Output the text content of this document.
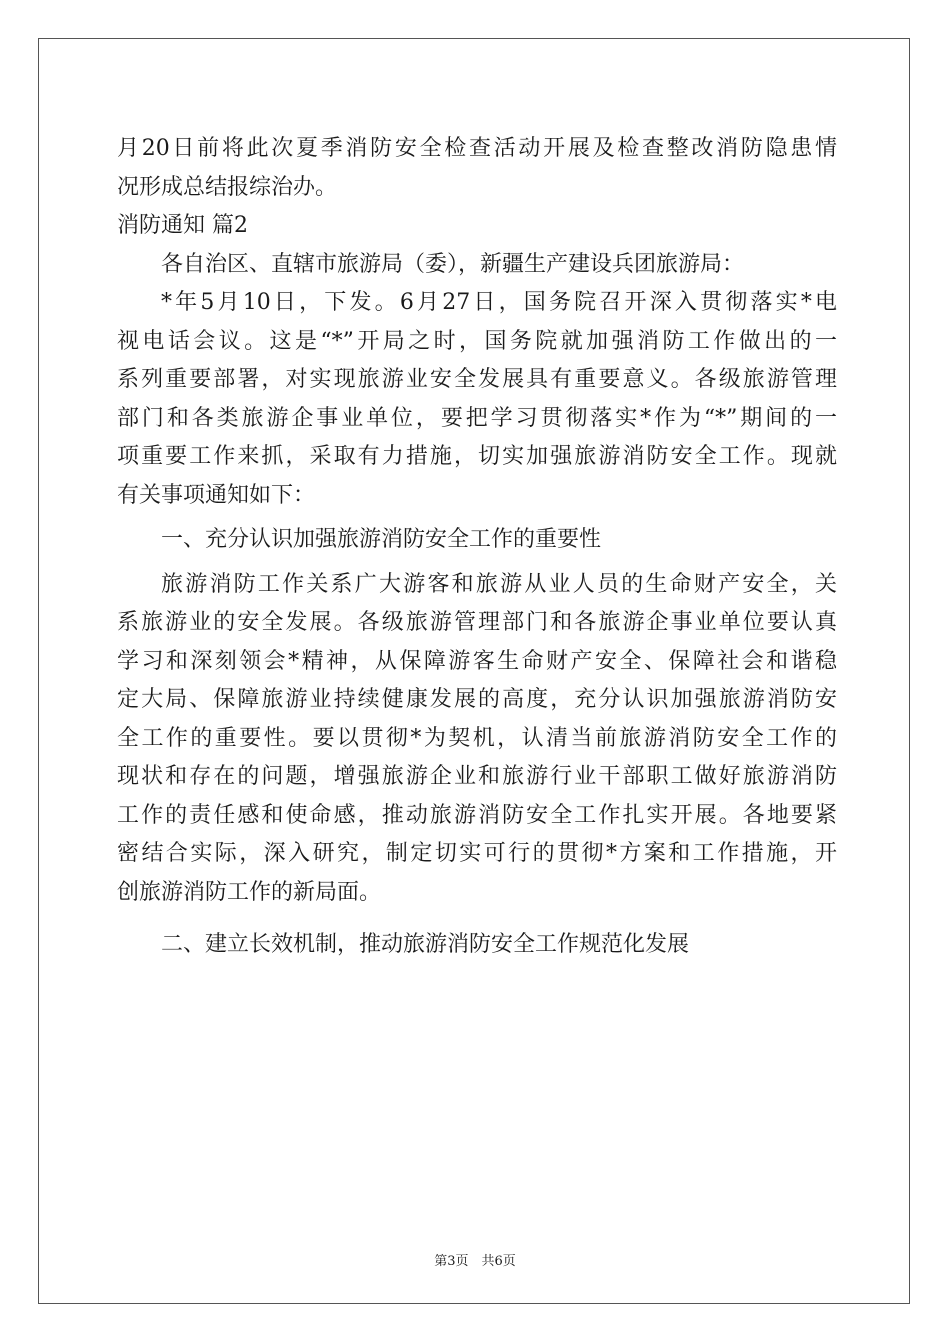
月20日前将此次夏季消防安全检查活动开展及检查整改消防隐患情
况形成总结报综治办。
消防通知 篇2
各自治区、直辖市旅游局（委），新疆生产建设兵团旅游局：
*年5月10日，下发。6月27日，国务院召开深入贯彻落实*电
视电话会议。这是“*”开局之时，国务院就加强消防工作做出的一
系列重要部署，对实现旅游业安全发展具有重要意义。各级旅游管理
部门和各类旅游企事业单位，要把学习贯彻落实*作为“*”期间的一
项重要工作来抓，采取有力措施，切实加强旅游消防安全工作。现就
有关事项通知如下：
一、充分认识加强旅游消防安全工作的重要性
旅游消防工作关系广大游客和旅游从业人员的生命财产安全，关
系旅游业的安全发展。各级旅游管理部门和各旅游企事业单位要认真
学习和深刻领会*精神，从保障游客生命财产安全、保障社会和谐稳
定大局、保障旅游业持续健康发展的高度，充分认识加强旅游消防安
全工作的重要性。要以贯彻*为契机，认清当前旅游消防安全工作的
现状和存在的问题，增强旅游企业和旅游行业干部职工做好旅游消防
工作的责任感和使命感，推动旅游消防安全工作扎实开展。各地要紧
密结合实际，深入研究，制定切实可行的贯彻*方案和工作措施，开
创旅游消防工作的新局面。
二、建立长效机制，推动旅游消防安全工作规范化发展
第3页　共6页
